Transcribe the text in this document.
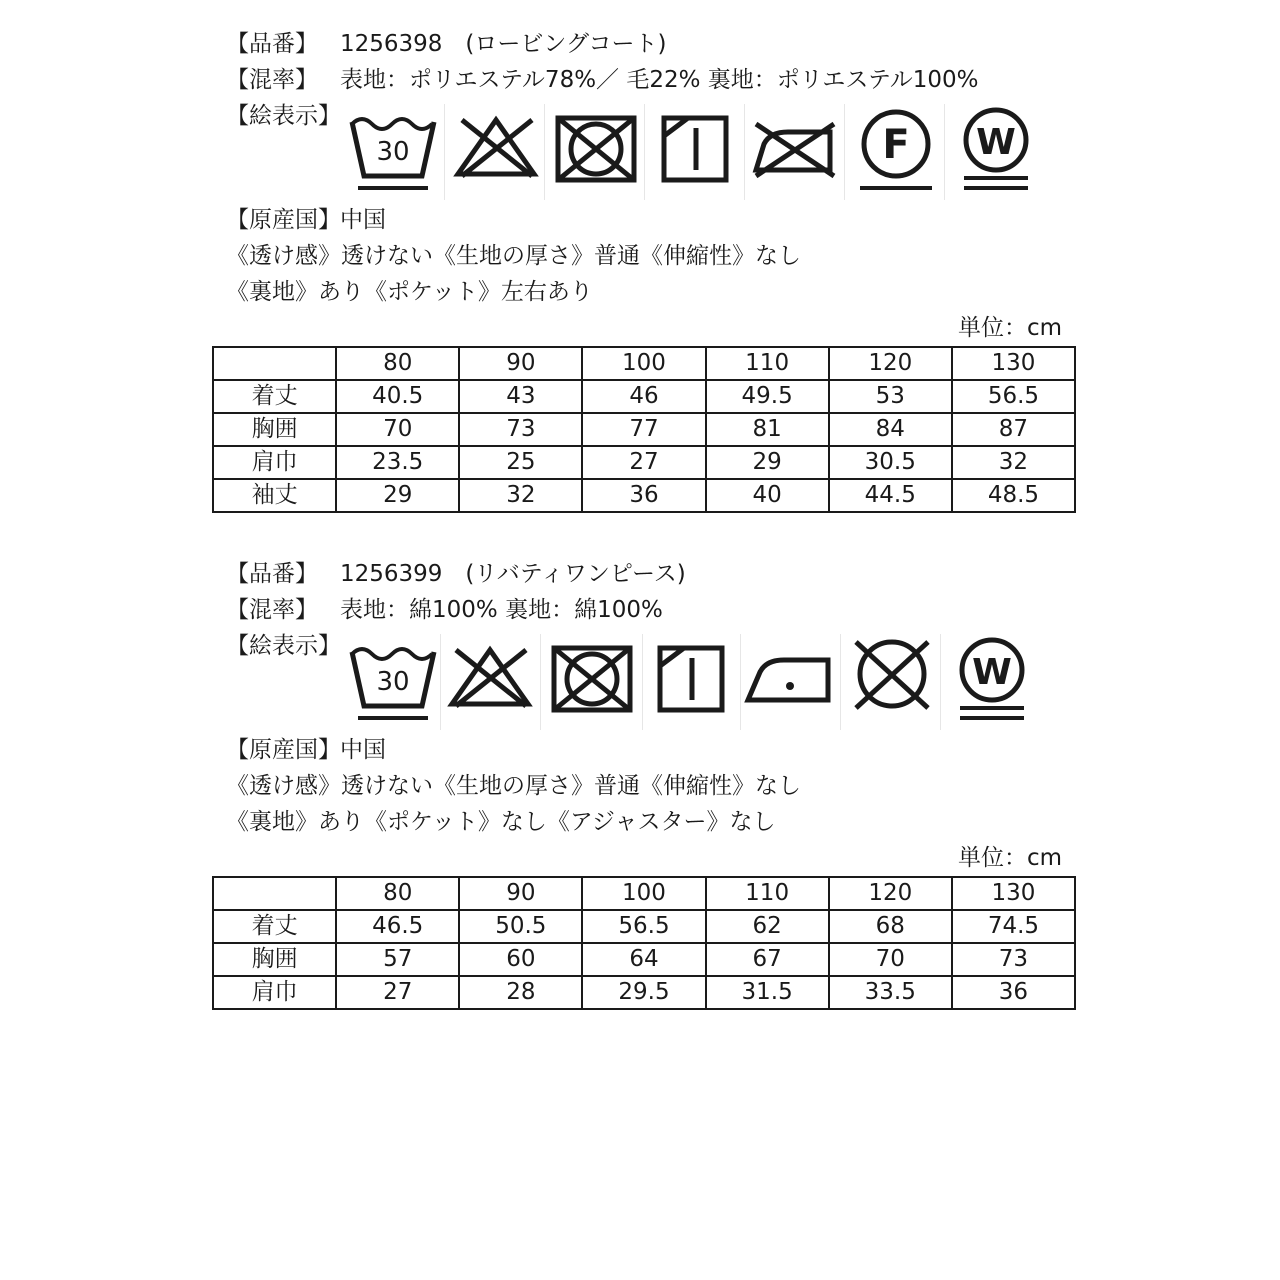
【品番】 1256398　(ロービングコート)
【混率】 表地：ポリエステル78%／ 毛22% 裏地：ポリエステル100%
【絵表示】
30	F W
【原産国】 中国
《透け感》透けない《生地の厚さ》普通《伸縮性》なし
《裏地》あり《ポケット》左右あり
単位：cm
	80	90	100	110	120	130
着丈	40.5	43	46	49.5	53	56.5
胸囲	70	73	77	81	84	87
肩巾	23.5	25	27	29	30.5	32
袖丈	29	32	36	40	44.5	48.5
【品番】 1256399　(リバティワンピース)
【混率】 表地：綿100% 裏地：綿100%
【絵表示】
30	W
【原産国】 中国
《透け感》透けない《生地の厚さ》普通《伸縮性》なし
《裏地》あり《ポケット》なし《アジャスター》なし
単位：cm
	80	90	100	110	120	130
着丈	46.5	50.5	56.5	62	68	74.5
胸囲	57	60	64	67	70	73
肩巾	27	28	29.5	31.5	33.5	36
